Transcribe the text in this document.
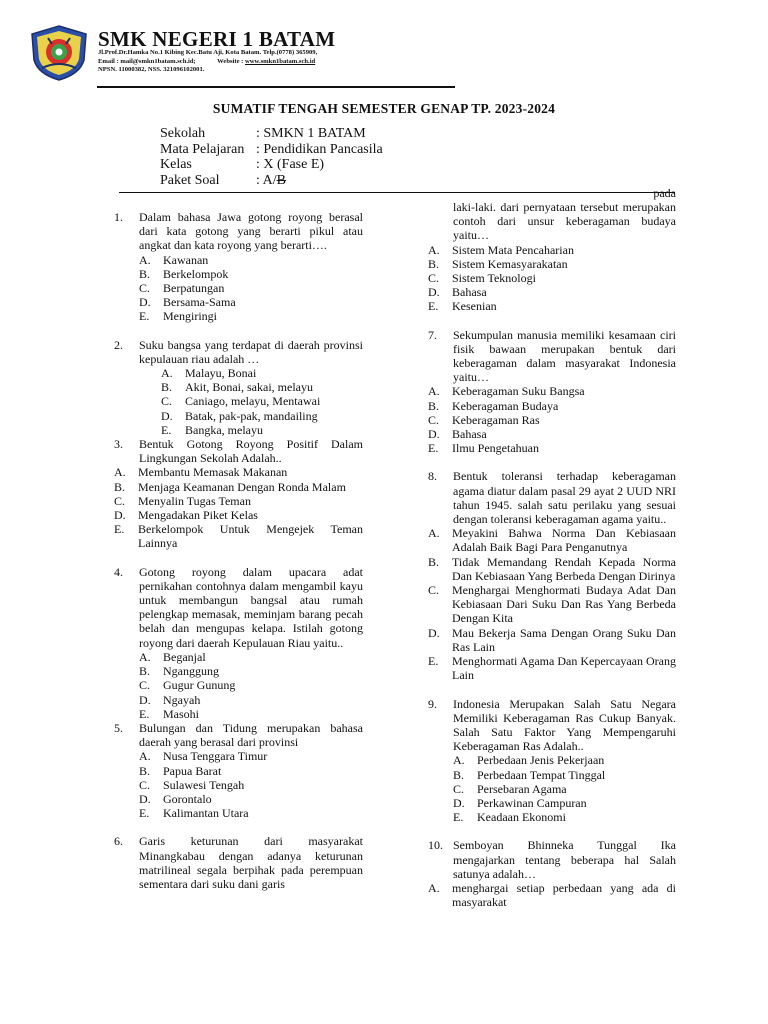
SMK NEGERI 1 BATAM
Jl.Prof.Dr.Hamka No.1 Kibing Kec.Batu Aji, Kota Batam. Telp.(0778) 365909,
Email : mail@smkn1batam.sch.id;	Website : www.smkn1batam.sch.id
NPSN. 11000382, NSS. 321096102001.
SUMATIF TENGAH SEMESTER GENAP TP. 2023-2024
Sekolah	: SMKN 1 BATAM
Mata Pelajaran : Pendidikan Pancasila
Kelas	: X (Fase E)
Paket Soal	: A/B
1. Dalam bahasa Jawa gotong royong berasal dari kata gotong yang berarti pikul atau angkat dan kata royong yang berarti….
A.	Kawanan
B.	Berkelompok
C.	Berpatungan
D.	Bersama-Sama
E.	Mengiringi
2. Suku bangsa yang terdapat di daerah provinsi kepulauan riau adalah …
A.	Malayu, Bonai
B.	Akit, Bonai, sakai, melayu
C.	Caniago, melayu, Mentawai
D.	Batak, pak-pak, mandailing
E.	Bangka, melayu
3. Bentuk Gotong Royong Positif Dalam Lingkungan Sekolah Adalah..
A.	Membantu Memasak Makanan
B.	Menjaga Keamanan Dengan Ronda Malam
C.	Menyalin Tugas Teman
D.	Mengadakan Piket Kelas
E.	Berkelompok Untuk Mengejek Teman Lainnya
4. Gotong royong dalam upacara adat pernikahan contohnya dalam mengambil kayu untuk membangun bangsal atau rumah pelengkap memasak, meminjam barang pecah belah dan mengupas kelapa. Istilah gotong royong dari daerah Kepulauan Riau yaitu..
A.	Beganjal
B.	Nganggung
C.	Gugur Gunung
D.	Ngayah
E.	Masohi
5. Bulungan dan Tidung merupakan bahasa daerah yang berasal dari provinsi
A.	Nusa Tenggara Timur
B.	Papua Barat
C.	Sulawesi Tengah
D.	Gorontalo
E.	Kalimantan Utara
6. Garis keturunan dari masyarakat Minangkabau dengan adanya keturunan matrilineal segala berpihak pada perempuan sementara dari suku dani garis
pada
laki-laki. dari pernyataan tersebut merupakan contoh dari unsur keberagaman budaya yaitu…
A.	Sistem Mata Pencaharian
B.	Sistem Kemasyarakatan
C.	Sistem Teknologi
D.	Bahasa
E.	Kesenian
7. Sekumpulan manusia memiliki kesamaan ciri fisik bawaan merupakan bentuk dari keberagaman dalam masyarakat Indonesia yaitu…
A.	Keberagaman Suku Bangsa
B.	Keberagaman Budaya
C.	Keberagaman Ras
D.	Bahasa
E.	Ilmu Pengetahuan
8. Bentuk toleransi terhadap keberagaman agama diatur dalam pasal 29 ayat 2 UUD NRI tahun 1945. salah satu perilaku yang sesuai dengan toleransi keberagaman agama yaitu..
A.	Meyakini Bahwa Norma Dan Kebiasaan Adalah Baik Bagi Para Penganutnya
B.	Tidak Memandang Rendah Kepada Norma Dan Kebiasaan Yang Berbeda Dengan Dirinya
C.	Menghargai Menghormati Budaya Adat Dan Kebiasaan Dari Suku Dan Ras Yang Berbeda Dengan Kita
D.	Mau Bekerja Sama Dengan Orang Suku Dan Ras Lain
E.	Menghormati Agama Dan Kepercayaan Orang Lain
9. Indonesia Merupakan Salah Satu Negara Memiliki Keberagaman Ras Cukup Banyak. Salah Satu Faktor Yang Mempengaruhi Keberagaman Ras Adalah..
A.	Perbedaan Jenis Pekerjaan
B.	Perbedaan Tempat Tinggal
C.	Persebaran Agama
D.	Perkawinan Campuran
E.	Keadaan Ekonomi
10. Semboyan Bhinneka Tunggal Ika mengajarkan tentang beberapa hal Salah satunya adalah…
A.	menghargai setiap perbedaan yang ada di masyarakat
